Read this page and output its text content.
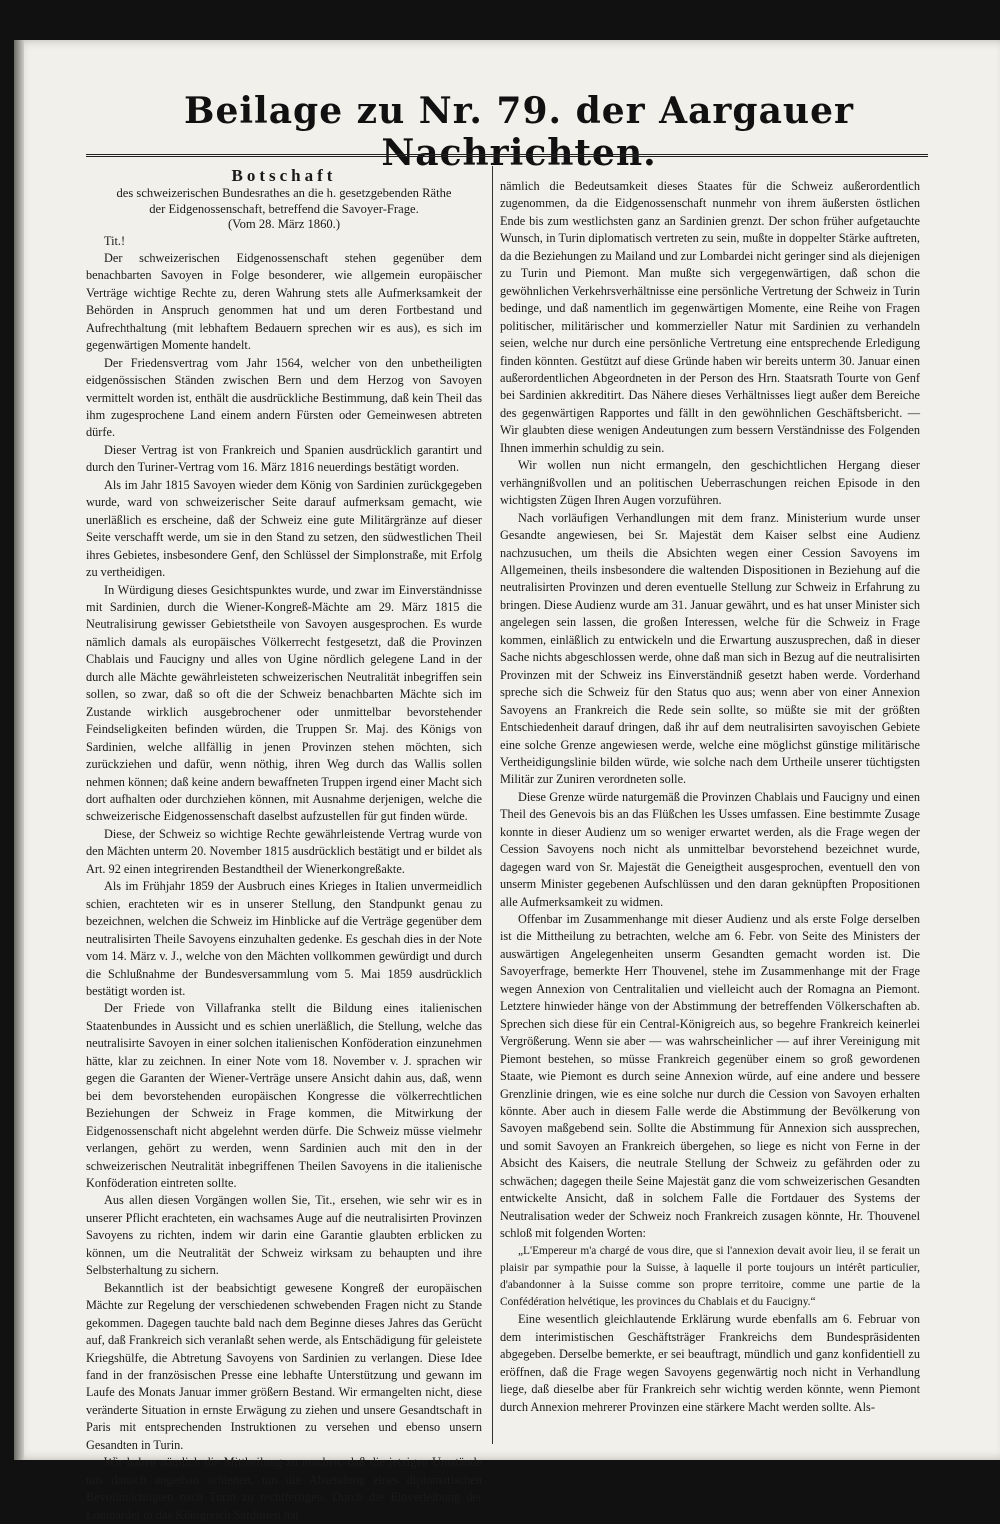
Beilage zu Nr. 79. der Aargauer Nachrichten.
Botschaft
des schweizerischen Bundesrathes an die h. gesetzgebenden Räthe
der Eidgenossenschaft, betreffend die Savoyer-Frage.
(Vom 28. März 1860.)

Tit.!

Der schweizerischen Eidgenossenschaft stehen gegenüber dem benachbarten Savoyen in Folge besonderer, wie allgemein europäischer Verträge wichtige Rechte zu, deren Wahrung stets alle Aufmerksamkeit der Behörden in Anspruch genommen hat und um deren Fortbestand und Aufrechthaltung (mit lebhaftem Bedauern sprechen wir es aus), es sich im gegenwärtigen Momente handelt.

Der Friedensvertrag vom Jahr 1564, welcher von den unbetheiligten eidgenössischen Ständen zwischen Bern und dem Herzog von Savoyen vermittelt worden ist, enthält die ausdrückliche Bestimmung, daß kein Theil das ihm zugesprochene Land einem andern Fürsten oder Gemeinwesen abtreten dürfe.

Dieser Vertrag ist von Frankreich und Spanien ausdrücklich garantirt und durch den Turiner-Vertrag vom 16. März 1816 neuerdings bestätigt worden.

Als im Jahr 1815 Savoyen wieder dem König von Sardinien zurückgegeben wurde, ward von schweizerischer Seite darauf aufmerksam gemacht, wie unerläßlich es erscheine, daß der Schweiz eine gute Militärgränze auf dieser Seite verschafft werde, um sie in den Stand zu setzen, den südwestlichen Theil ihres Gebietes, insbesondere Genf, den Schlüssel der Simplonstraße, mit Erfolg zu vertheidigen.

In Würdigung dieses Gesichtspunktes wurde, und zwar im Einverständnisse mit Sardinien, durch die Wiener-Kongreß-Mächte am 29. März 1815 die Neutralisirung gewisser Gebietstheile von Savoyen ausgesprochen. Es wurde nämlich damals als europäisches Völkerrecht festgesetzt, daß die Provinzen Chablais und Faucigny und alles von Ugine nördlich gelegene Land in der durch alle Mächte gewährleisteten schweizerischen Neutralität inbegriffen sein sollen, so zwar, daß so oft die der Schweiz benachbarten Mächte sich im Zustande wirklich ausgebrochener oder unmittelbar bevorstehender Feindseligkeiten befinden würden, die Truppen Sr. Maj. des Königs von Sardinien, welche allfällig in jenen Provinzen stehen möchten, sich zurückziehen und dafür, wenn nöthig, ihren Weg durch das Wallis sollen nehmen können; daß keine andern bewaffneten Truppen irgend einer Macht sich dort aufhalten oder durchziehen können, mit Ausnahme derjenigen, welche die schweizerische Eidgenossenschaft daselbst aufzustellen für gut finden würde.

Diese, der Schweiz so wichtige Rechte gewährleistende Vertrag wurde von den Mächten unterm 20. November 1815 ausdrücklich bestätigt und er bildet als Art. 92 einen integrirenden Bestandtheil der Wienerkongreßakte.

Als im Frühjahr 1859 der Ausbruch eines Krieges in Italien unvermeidlich schien, erachteten wir es in unserer Stellung, den Standpunkt genau zu bezeichnen, welchen die Schweiz im Hinblicke auf die Verträge gegenüber dem neutralisirten Theile Savoyens einzuhalten gedenke. Es geschah dies in der Note vom 14. März v. J., welche von den Mächten vollkommen gewürdigt und durch die Schlußnahme der Bundesversammlung vom 5. Mai 1859 ausdrücklich bestätigt worden ist.

Der Friede von Villafranka stellt die Bildung eines italienischen Staatenbundes in Aussicht und es schien unerläßlich, die Stellung, welche das neutralisirte Savoyen in einer solchen italienischen Konföderation einzunehmen hätte, klar zu zeichnen. In einer Note vom 18. November v. J. sprachen wir gegen die Garanten der Wiener-Verträge unsere Ansicht dahin aus, daß, wenn bei dem bevorstehenden europäischen Kongresse die völkerrechtlichen Beziehungen der Schweiz in Frage kommen, die Mitwirkung der Eidgenossenschaft nicht abgelehnt werden dürfe. Die Schweiz müsse vielmehr verlangen, gehört zu werden, wenn Sardinien auch mit den in der schweizerischen Neutralität inbegriffenen Theilen Savoyens in die italienische Konföderation eintreten sollte.

Aus allen diesen Vorgängen wollen Sie, Tit., ersehen, wie sehr wir es in unserer Pflicht erachteten, ein wachsames Auge auf die neutralisirten Provinzen Savoyens zu richten, indem wir darin eine Garantie glaubten erblicken zu können, um die Neutralität der Schweiz wirksam zu behaupten und ihre Selbsterhaltung zu sichern.

Bekanntlich ist der beabsichtigt gewesene Kongreß der europäischen Mächte zur Regelung der verschiedenen schwebenden Fragen nicht zu Stande gekommen. Dagegen tauchte bald nach dem Beginne dieses Jahres das Gerücht auf, daß Frankreich sich veranlaßt sehen werde, als Entschädigung für geleistete Kriegshülfe, die Abtretung Savoyens von Sardinien zu verlangen. Diese Idee fand in der französischen Presse eine lebhafte Unterstützung und gewann im Laufe des Monats Januar immer größern Bestand. Wir ermangelten nicht, diese veränderte Situation in ernste Erwägung zu ziehen und unsere Gesandtschaft in Paris mit entsprechenden Instruktionen zu versehen und ebenso unsern Gesandten in Turin.

Wir haben nämlich die Mittheilung zu machen, daß die jetzigen Umstände uns danach angethan schienen, um die Absendung eines diplomatischen Bevollmächtigten nach Turin zu rechtfertigen. Durch die Einverleibung der Lombardei in das Königreich Sardinien hat

nämlich die Bedeutsamkeit dieses Staates für die Schweiz außerordentlich zugenommen, da die Eidgenossenschaft nunmehr von ihrem äußersten östlichen Ende bis zum westlichsten ganz an Sardinien grenzt. Der schon früher aufgetauchte Wunsch, in Turin diplomatisch vertreten zu sein, mußte in doppelter Stärke auftreten, da die Beziehungen zu Mailand und zur Lombardei nicht geringer sind als diejenigen zu Turin und Piemont. Man mußte sich vergegenwärtigen, daß schon die gewöhnlichen Verkehrsverhältnisse eine persönliche Vertretung der Schweiz in Turin bedinge, und daß namentlich im gegenwärtigen Momente, eine Reihe von Fragen politischer, militärischer und kommerzieller Natur mit Sardinien zu verhandeln seien, welche nur durch eine persönliche Vertretung eine entsprechende Erledigung finden könnten. Gestützt auf diese Gründe haben wir bereits unterm 30. Januar einen außerordentlichen Abgeordneten in der Person des Hrn. Staatsrath Tourte von Genf bei Sardinien akkreditirt. Das Nähere dieses Verhältnisses liegt außer dem Bereiche des gegenwärtigen Rapportes und fällt in den gewöhnlichen Geschäftsbericht. — Wir glaubten diese wenigen Andeutungen zum bessern Verständnisse des Folgenden Ihnen immerhin schuldig zu sein.

Wir wollen nun nicht ermangeln, den geschichtlichen Hergang dieser verhängnißvollen und an politischen Ueberraschungen reichen Episode in den wichtigsten Zügen Ihren Augen vorzuführen.

Nach vorläufigen Verhandlungen mit dem franz. Ministerium wurde unser Gesandte angewiesen, bei Sr. Majestät dem Kaiser selbst eine Audienz nachzusuchen, um theils die Absichten wegen einer Cession Savoyens im Allgemeinen, theils insbesondere die waltenden Dispositionen in Beziehung auf die neutralisirten Provinzen und deren eventuelle Stellung zur Schweiz in Erfahrung zu bringen. Diese Audienz wurde am 31. Januar gewährt, und es hat unser Minister sich angelegen sein lassen, die großen Interessen, welche für die Schweiz in Frage kommen, einläßlich zu entwickeln und die Erwartung auszusprechen, daß in dieser Sache nichts abgeschlossen werde, ohne daß man sich in Bezug auf die neutralisirten Provinzen mit der Schweiz ins Einverständniß gesetzt haben werde. Vorderhand spreche sich die Schweiz für den Status quo aus; wenn aber von einer Annexion Savoyens an Frankreich die Rede sein sollte, so müßte sie mit der größten Entschiedenheit darauf dringen, daß ihr auf dem neutralisirten savoyischen Gebiete eine solche Grenze angewiesen werde, welche eine möglichst günstige militärische Vertheidigungslinie bilden würde, wie solche nach dem Urtheile unserer tüchtigsten Militär zur Zuniren verordneten solle.

Diese Grenze würde naturgemäß die Provinzen Chablais und Faucigny und einen Theil des Genevois bis an das Flüßchen les Usses umfassen. Eine bestimmte Zusage konnte in dieser Audienz um so weniger erwartet werden, als die Frage wegen der Cession Savoyens noch nicht als unmittelbar bevorstehend bezeichnet wurde, dagegen ward von Sr. Majestät die Geneigtheit ausgesprochen, eventuell den von unserm Minister gegebenen Aufschlüssen und den daran geknüpften Propositionen alle Aufmerksamkeit zu widmen.

Offenbar im Zusammenhange mit dieser Audienz und als erste Folge derselben ist die Mittheilung zu betrachten, welche am 6. Febr. von Seite des Ministers der auswärtigen Angelegenheiten unserm Gesandten gemacht worden ist. Die Savoyerfrage, bemerkte Herr Thouvenel, stehe im Zusammenhange mit der Frage wegen Annexion von Centralitalien und vielleicht auch der Romagna an Piemont. Letztere hinwieder hänge von der Abstimmung der betreffenden Völkerschaften ab. Sprechen sich diese für ein Central-Königreich aus, so begehre Frankreich keinerlei Vergrößerung. Wenn sie aber — was wahrscheinlicher — auf ihrer Vereinigung mit Piemont bestehen, so müsse Frankreich gegenüber einem so groß gewordenen Staate, wie Piemont es durch seine Annexion würde, auf eine andere und bessere Grenzlinie dringen, wie es eine solche nur durch die Cession von Savoyen erhalten könnte. Aber auch in diesem Falle werde die Abstimmung der Bevölkerung von Savoyen maßgebend sein. Sollte die Abstimmung für Annexion sich aussprechen, und somit Savoyen an Frankreich übergehen, so liege es nicht von Ferne in der Absicht des Kaisers, die neutrale Stellung der Schweiz zu gefährden oder zu schwächen; dagegen theile Seine Majestät ganz die vom schweizerischen Gesandten entwickelte Ansicht, daß in solchem Falle die Fortdauer des Systems der Neutralisation weder der Schweiz noch Frankreich zusagen könnte, Hr. Thouvenel schloß mit folgenden Worten:

„L'Empereur m'a chargé de vous dire, que si l'annexion devait avoir lieu, il se ferait un plaisir par sympathie pour la Suisse, à laquelle il porte toujours un intérêt particulier, d'abandonner à la Suisse comme son propre territoire, comme une partie de la Confédération helvétique, les provinces du Chablais et du Faucigny.“

Eine wesentlich gleichlautende Erklärung wurde ebenfalls am 6. Februar von dem interimistischen Geschäftsträger Frankreichs dem Bundespräsidenten abgegeben. Derselbe bemerkte, er sei beauftragt, mündlich und ganz konfidentiell zu eröffnen, daß die Frage wegen Savoyens gegenwärtig noch nicht in Verhandlung liege, daß dieselbe aber für Frankreich sehr wichtig werden könnte, wenn Piemont durch Annexion mehrerer Provinzen eine stärkere Macht werden sollte. Als-
